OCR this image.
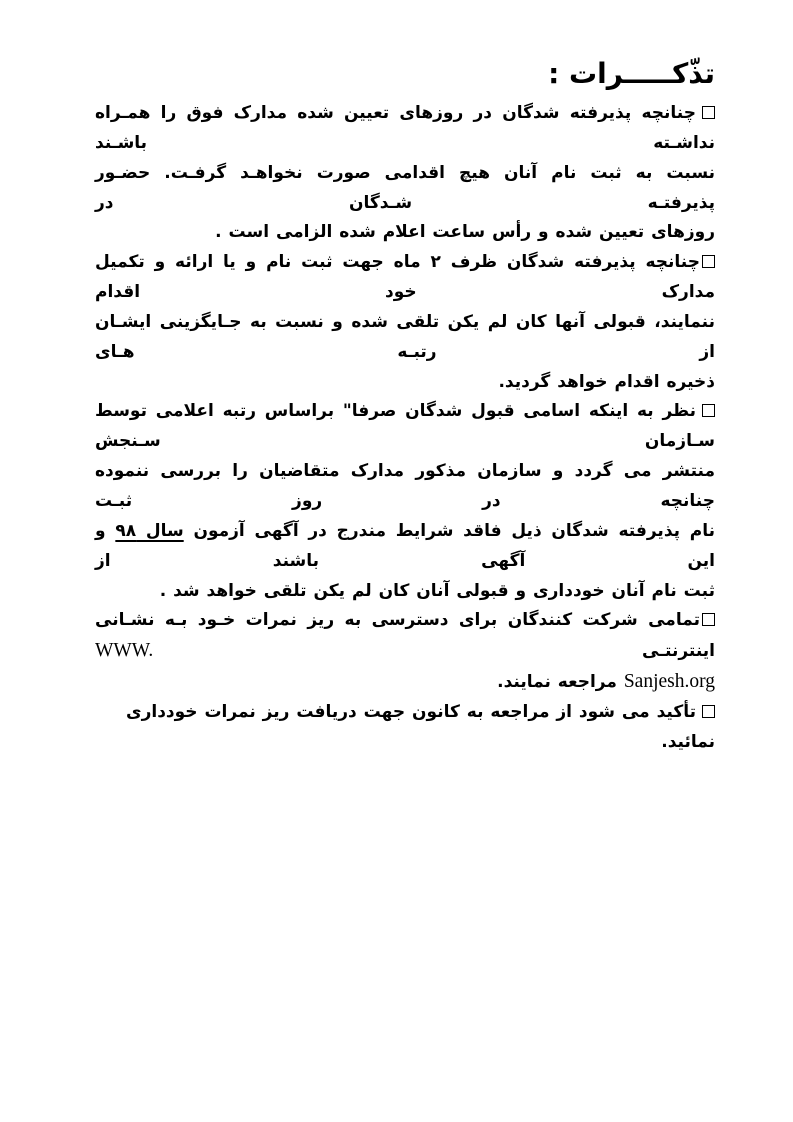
تذّکـــــرات :
چنانچه پذیرفته شدگان در روزهای تعیین شده مدارک فوق را همـراه نداشـته باشـند
نسبت به ثبت نام آنان هیچ اقدامی صورت نخواهـد گرفـت. حضـور پذیرفتـه شـدگان در
روزهای تعیین شده و رأس ساعت اعلام شده الزامی است .
چنانچه پذیرفته شدگان ظرف ۲ ماه جهت ثبت نام و یا ارائه و تکمیل مدارک خود اقدام
ننمایند، قبولی آنها کان لم یکن تلقی شده و نسبت به جـایگزینی ایشـان از رتبـه هـای
ذخیره اقدام خواهد گردید.
نظر به اینکه اسامی قبول شدگان صرفا" براساس رتبه اعلامی توسط سـازمان سـنجش
منتشر می گردد و سازمان مذکور مدارک متقاضیان را بررسی ننموده چنانچه در روز ثبـت
نام پذیرفته شدگان ذیل فاقد شرایط مندرج در آگهی آزمون سال ۹۸ و این آگهی باشند از
ثبت نام آنان خودداری و قبولی آنان کان لم یکن تلقی خواهد شد .
تمامی شرکت کنندگان برای دسترسی به ریز نمرات خـود بـه نشـانی اینترنتـی WWW.
Sanjesh.org مراجعه نمایند.
تأکید می شود از مراجعه به کانون جهت دریافت ریز نمرات خودداری نمائید.
